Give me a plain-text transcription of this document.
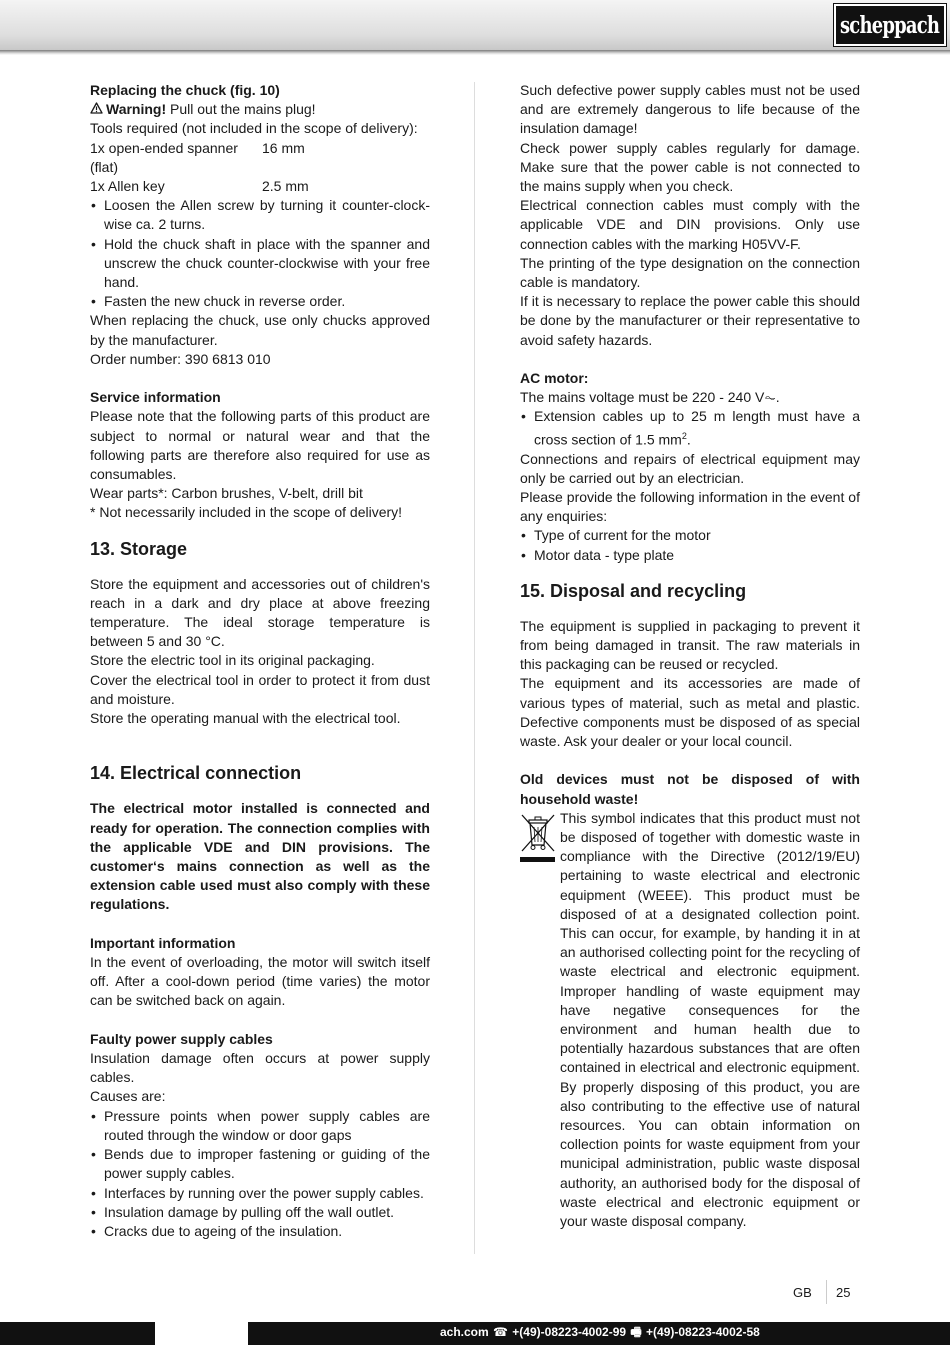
scheppach

Replacing the chuck (fig. 10)

Warning! Pull out the mains plug!

Tools required (not included in the scope of delivery):

1x open-ended spanner (flat)
16 mm
1x Allen key	2.5 mm

• Loosen the Allen screw by turning it counter-clock-wise ca. 2 turns.

• Hold the chuck shaft in place with the spanner and unscrew the chuck counter-clockwise with your free hand.

• Fasten the new chuck in reverse order.

When replacing the chuck, use only chucks approved by the manufacturer.

Order number: 390 6813 010

Service information

Please note that the following parts of this product are subject to normal or natural wear and that the following parts are therefore also required for use as consumables.

Wear parts*: Carbon brushes, V-belt, drill bit

* Not necessarily included in the scope of delivery!

13. Storage

Store the equipment and accessories out of children's reach in a dark and dry place at above freezing temperature. The ideal storage temperature is between 5 and 30 °C.

Store the electric tool in its original packaging.

Cover the electrical tool in order to protect it from dust and moisture.

Store the operating manual with the electrical tool.

14. Electrical connection

The electrical motor installed is connected and ready for operation. The connection complies with the applicable VDE and DIN provisions. The customer‘s mains connection as well as the extension cable used must also comply with these regulations.

Important information

In the event of overloading, the motor will switch itself off. After a cool-down period (time varies) the motor can be switched back on again.

Faulty power supply cables

Insulation damage often occurs at power supply cables.

Causes are:

• Pressure points when power supply cables are routed through the window or door gaps

• Bends due to improper fastening or guiding of the power supply cables.

• Interfaces by running over the power supply cables.

• Insulation damage by pulling off the wall outlet.

• Cracks due to ageing of the insulation.

Such defective power supply cables must not be used and are extremely dangerous to life because of the insulation damage!

Check power supply cables regularly for damage. Make sure that the power cable is not connected to the mains supply when you check.

Electrical connection cables must comply with the applicable VDE and DIN provisions. Only use connection cables with the marking H05VV-F.

The printing of the type designation on the connection cable is mandatory.

If it is necessary to replace the power cable this should be done by the manufacturer or their representative to avoid safety hazards.

AC motor:

The mains voltage must be 220 - 240 V⏦.

• Extension cables up to 25 m length must have a cross section of 1.5 $mm^2$.

Connections and repairs of electrical equipment may only be carried out by an electrician.

Please provide the following information in the event of any enquiries:

• Type of current for the motor

• Motor data - type plate

15. Disposal and recycling

The equipment is supplied in packaging to prevent it from being damaged in transit. The raw materials in this packaging can be reused or recycled.

The equipment and its accessories are made of various types of material, such as metal and plastic. Defective components must be disposed of as special waste. Ask your dealer or your local council.

Old devices must not be disposed of with household waste!

This symbol indicates that this product must not be disposed of together with domestic waste in compliance with the Directive (2012/19/EU) pertaining to waste electrical and electronic equipment (WEEE). This product must be disposed of at a designated collection point. This can occur, for example, by handing it in at an authorised collecting point for the recycling of waste electrical and electronic equipment. Improper handling of waste equipment may have negative consequences for the environment and human health due to potentially hazardous substances that are often contained in electrical and electronic equipment. By properly disposing of this product, you are also contributing to the effective use of natural resources. You can obtain information on collection points for waste equipment from your municipal administration, public waste disposal authority, an authorised body for the disposal of waste electrical and electronic equipment or your waste disposal company.

GB 25
ach.com ☎ +(49)-08223-4002-99 🖷 +(49)-08223-4002-58
